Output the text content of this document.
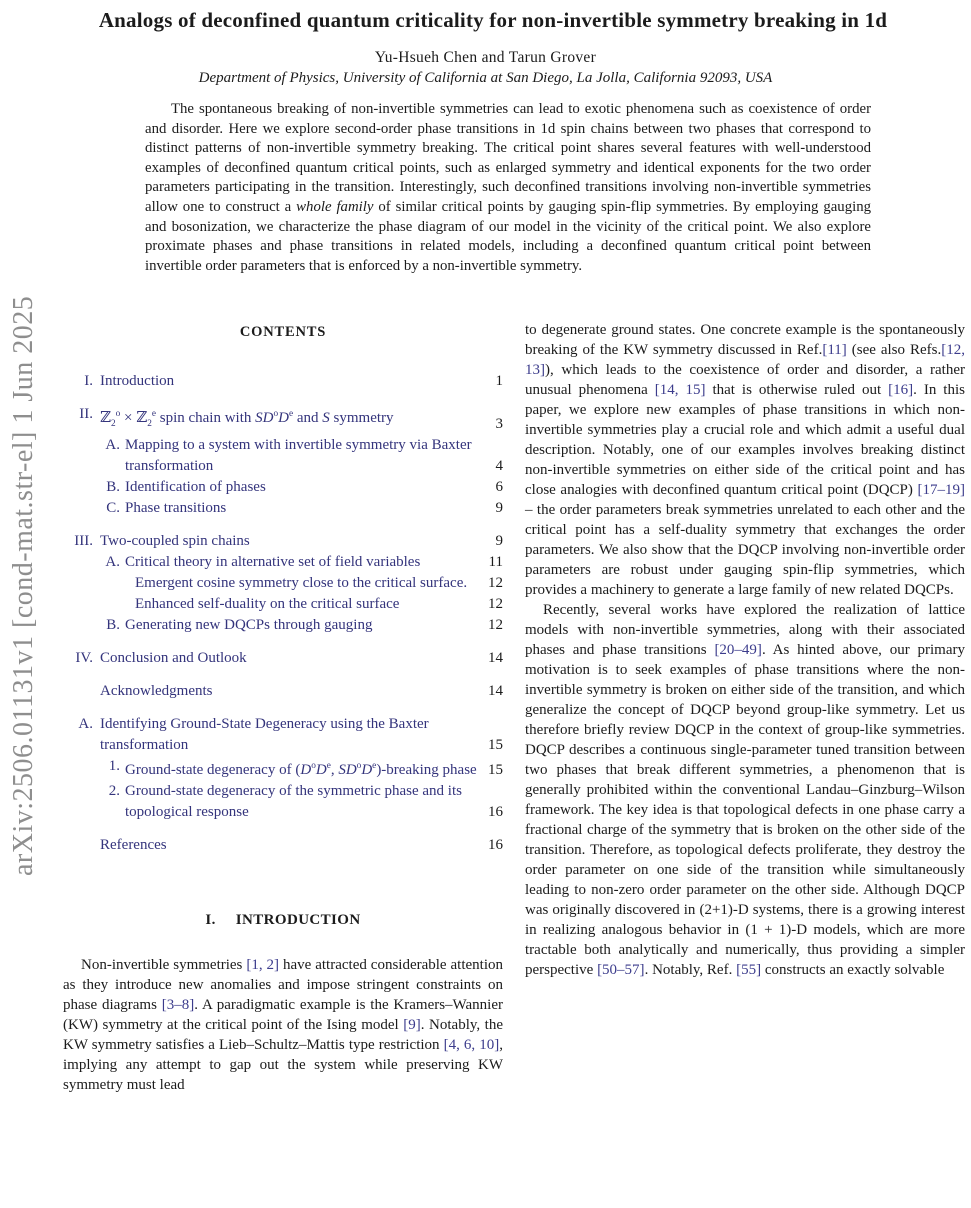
arXiv:2506.01131v1 [cond-mat.str-el] 1 Jun 2025
Analogs of deconfined quantum criticality for non-invertible symmetry breaking in 1d
Yu-Hsueh Chen and Tarun Grover
Department of Physics, University of California at San Diego, La Jolla, California 92093, USA

The spontaneous breaking of non-invertible symmetries can lead to exotic phenomena such as coexistence of order and disorder. Here we explore second-order phase transitions in 1d spin chains between two phases that correspond to distinct patterns of non-invertible symmetry breaking. The critical point shares several features with well-understood examples of deconfined quantum critical points, such as enlarged symmetry and identical exponents for the two order parameters participating in the transition. Interestingly, such deconfined transitions involving non-invertible symmetries allow one to construct a whole family of similar critical points by gauging spin-flip symmetries. By employing gauging and bosonization, we characterize the phase diagram of our model in the vicinity of the critical point. We also explore proximate phases and phase transitions in related models, including a deconfined quantum critical point between invertible order parameters that is enforced by a non-invertible symmetry.

CONTENTS
I. Introduction	1
II. ℤ$_2^o$ × ℤ$_2^e$ spin chain with $SD^oDe$ and S symmetry	3
A. Mapping to a system with invertible symmetry via Baxter transformation	4
B. Identification of phases	6
C. Phase transitions	9
III. Two-coupled spin chains	9
A. Critical theory in alternative set of field variables	11
Emergent cosine symmetry close to the critical surface.	12
Enhanced self-duality on the critical surface	12
B. Generating new DQCPs through gauging	12
IV. Conclusion and Outlook	14
Acknowledgments	14
A. Identifying Ground-State Degeneracy using the Baxter transformation	15
1. Ground-state degeneracy of ($D^oDe$, $SD^oDe$)-breaking phase 15
2. Ground-state degeneracy of the symmetric phase and its topological response	16
References	16
I. INTRODUCTION

Non-invertible symmetries [1, 2] have attracted considerable attention as they introduce new anomalies and impose stringent constraints on phase diagrams [3–8]. A paradigmatic example is the Kramers–Wannier (KW) symmetry at the critical point of the Ising model [9]. Notably, the KW symmetry satisfies a Lieb–Schultz–Mattis type restriction [4, 6, 10], implying any attempt to gap out the system while preserving KW symmetry must lead

to degenerate ground states. One concrete example is the spontaneously breaking of the KW symmetry discussed in Ref.[11] (see also Refs.[12, 13]), which leads to the coexistence of order and disorder, a rather unusual phenomena [14, 15] that is otherwise ruled out [16]. In this paper, we explore new examples of phase transitions in which non-invertible symmetries play a crucial role and which admit a useful dual description. Notably, one of our examples involves breaking distinct non-invertible symmetries on either side of the critical point and has close analogies with deconfined quantum critical point (DQCP) [17–19] – the order parameters break symmetries unrelated to each other and the critical point has a self-duality symmetry that exchanges the order parameters. We also show that the DQCP involving non-invertible order parameters are robust under gauging spin-flip symmetries, which provides a machinery to generate a large family of new related DQCPs.

Recently, several works have explored the realization of lattice models with non-invertible symmetries, along with their associated phases and phase transitions [20–49]. As hinted above, our primary motivation is to seek examples of phase transitions where the non-invertible symmetry is broken on either side of the transition, and which generalize the concept of DQCP beyond group-like symmetry. Let us therefore briefly review DQCP in the context of group-like symmetries. DQCP describes a continuous single-parameter tuned transition between two phases that break different symmetries, a phenomenon that is generally prohibited within the conventional Landau–Ginzburg–Wilson framework. The key idea is that topological defects in one phase carry a fractional charge of the symmetry that is broken on the other side of the transition. Therefore, as topological defects proliferate, they destroy the order parameter on one side of the transition while simultaneously leading to non-zero order parameter on the other side. Although DQCP was originally discovered in (2+1)-D systems, there is a growing interest in realizing analogous behavior in (1 + 1)-D models, which are more tractable both analytically and numerically, thus providing a simpler perspective [50–57]. Notably, Ref. [55] constructs an exactly solvable
